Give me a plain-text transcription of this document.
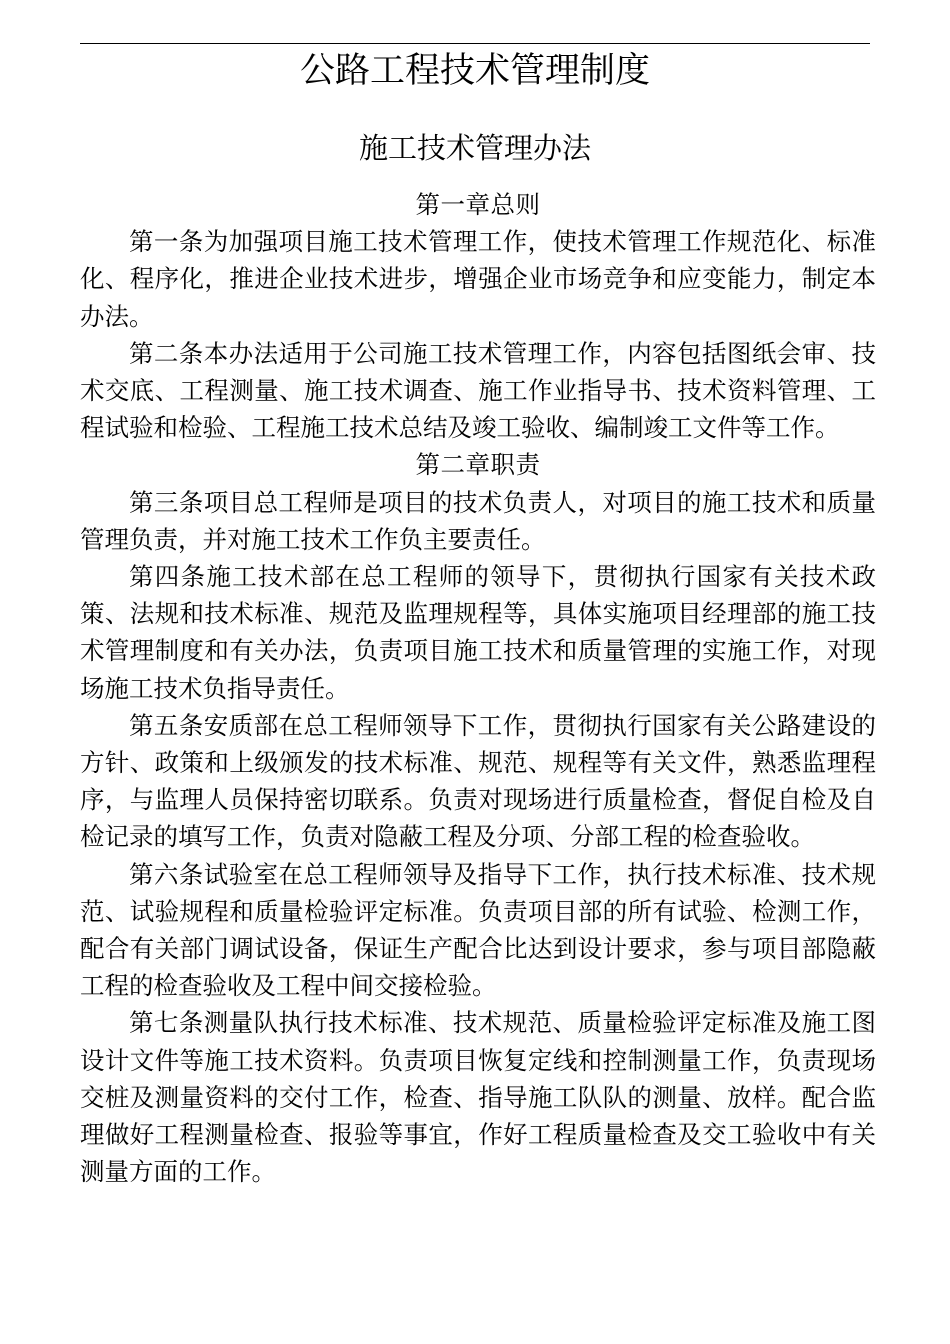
公路工程技术管理制度
施工技术管理办法

第一章总则

第一条为加强项目施工技术管理工作，使技术管理工作规范化、标准化、程序化，推进企业技术进步，增强企业市场竞争和应变能力，制定本办法。

第二条本办法适用于公司施工技术管理工作，内容包括图纸会审、技术交底、工程测量、施工技术调查、施工作业指导书、技术资料管理、工程试验和检验、工程施工技术总结及竣工验收、编制竣工文件等工作。

第二章职责

第三条项目总工程师是项目的技术负责人，对项目的施工技术和质量管理负责，并对施工技术工作负主要责任。

第四条施工技术部在总工程师的领导下，贯彻执行国家有关技术政策、法规和技术标准、规范及监理规程等，具体实施项目经理部的施工技术管理制度和有关办法，负责项目施工技术和质量管理的实施工作，对现场施工技术负指导责任。

第五条安质部在总工程师领导下工作，贯彻执行国家有关公路建设的方针、政策和上级颁发的技术标准、规范、规程等有关文件，熟悉监理程序，与监理人员保持密切联系。负责对现场进行质量检查，督促自检及自检记录的填写工作，负责对隐蔽工程及分项、分部工程的检查验收。

第六条试验室在总工程师领导及指导下工作，执行技术标准、技术规范、试验规程和质量检验评定标准。负责项目部的所有试验、检测工作，配合有关部门调试设备，保证生产配合比达到设计要求，参与项目部隐蔽工程的检查验收及工程中间交接检验。

第七条测量队执行技术标准、技术规范、质量检验评定标准及施工图设计文件等施工技术资料。负责项目恢复定线和控制测量工作，负责现场交桩及测量资料的交付工作，检查、指导施工队队的测量、放样。配合监理做好工程测量检查、报验等事宜，作好工程质量检查及交工验收中有关测量方面的工作。
